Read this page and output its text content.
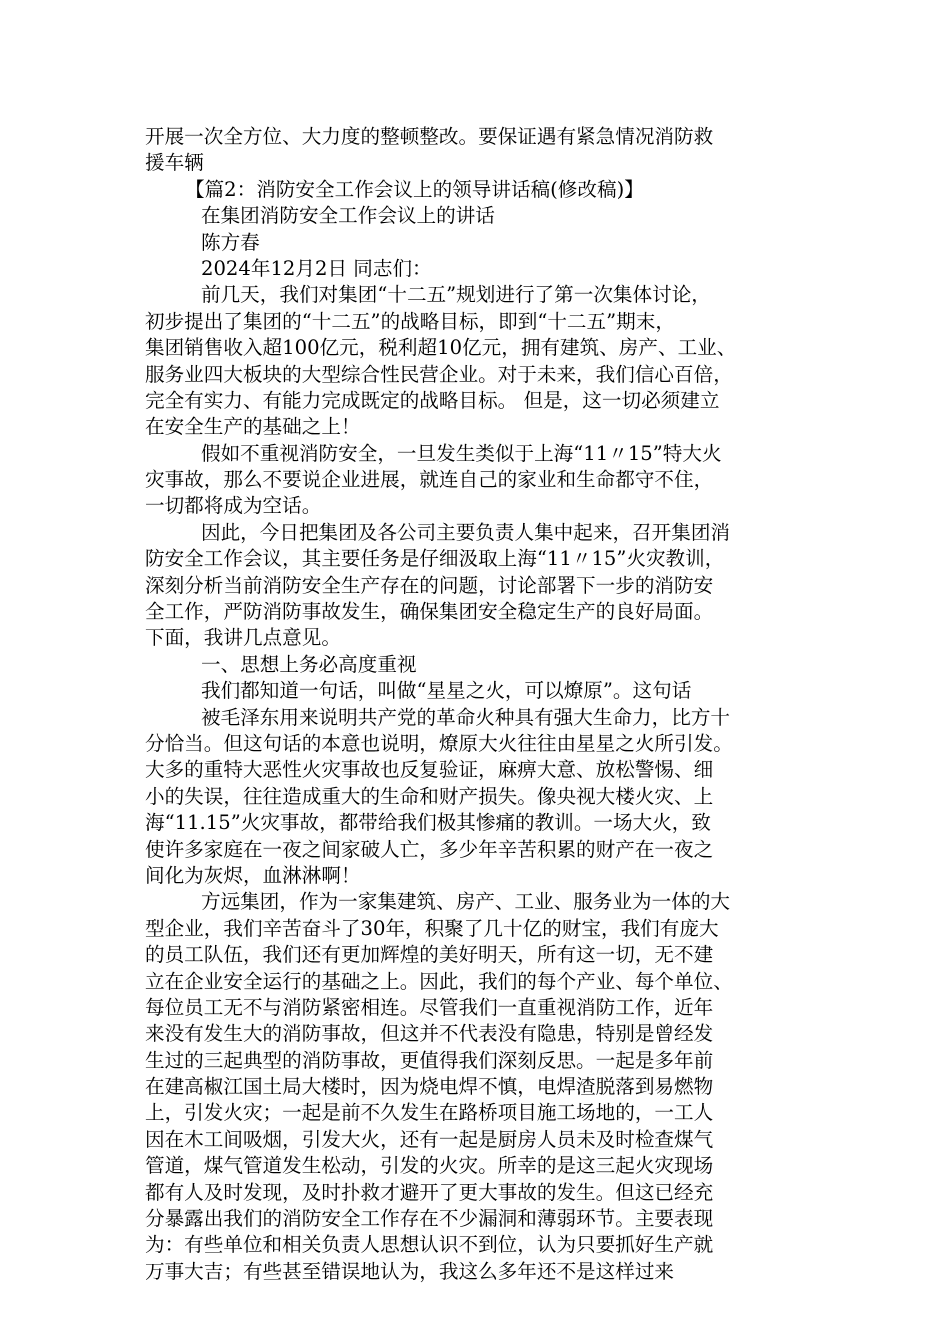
开展一次全方位、大力度的整顿整改。要保证遇有紧急情况消防救
援车辆
【篇2：消防安全工作会议上的领导讲话稿(修改稿)】
在集团消防安全工作会议上的讲话
陈方春
2024年12月2日 同志们：
前几天，我们对集团“十二五”规划进行了第一次集体讨论，
初步提出了集团的“十二五”的战略目标，即到“十二五”期末，
集团销售收入超100亿元，税利超10亿元，拥有建筑、房产、工业、
服务业四大板块的大型综合性民营企业。对于未来，我们信心百倍，
完全有实力、有能力完成既定的战略目标。 但是，这一切必须建立
在安全生产的基础之上！
假如不重视消防安全，一旦发生类似于上海“11〃15”特大火
灾事故，那么不要说企业进展，就连自己的家业和生命都守不住，
一切都将成为空话。
因此，今日把集团及各公司主要负责人集中起来，召开集团消
防安全工作会议，其主要任务是仔细汲取上海“11〃15”火灾教训，
深刻分析当前消防安全生产存在的问题，讨论部署下一步的消防安
全工作，严防消防事故发生，确保集团安全稳定生产的良好局面。
下面，我讲几点意见。
一、思想上务必高度重视
我们都知道一句话，叫做“星星之火，可以燎原”。这句话
被毛泽东用来说明共产党的革命火种具有强大生命力，比方十
分恰当。但这句话的本意也说明，燎原大火往往由星星之火所引发。
大多的重特大恶性火灾事故也反复验证，麻痹大意、放松警惕、细
小的失误，往往造成重大的生命和财产损失。像央视大楼火灾、上
海“11.15”火灾事故，都带给我们极其惨痛的教训。一场大火，致
使许多家庭在一夜之间家破人亡，多少年辛苦积累的财产在一夜之
间化为灰烬，血淋淋啊！
方远集团，作为一家集建筑、房产、工业、服务业为一体的大
型企业，我们辛苦奋斗了30年，积聚了几十亿的财宝，我们有庞大
的员工队伍，我们还有更加辉煌的美好明天，所有这一切，无不建
立在企业安全运行的基础之上。因此，我们的每个产业、每个单位、
每位员工无不与消防紧密相连。尽管我们一直重视消防工作，近年
来没有发生大的消防事故，但这并不代表没有隐患，特别是曾经发
生过的三起典型的消防事故，更值得我们深刻反思。一起是多年前
在建高椒江国土局大楼时，因为烧电焊不慎，电焊渣脱落到易燃物
上，引发火灾；一起是前不久发生在路桥项目施工场地的，一工人
因在木工间吸烟，引发大火，还有一起是厨房人员未及时检查煤气
管道，煤气管道发生松动，引发的火灾。所幸的是这三起火灾现场
都有人及时发现，及时扑救才避开了更大事故的发生。但这已经充
分暴露出我们的消防安全工作存在不少漏洞和薄弱环节。主要表现
为：有些单位和相关负责人思想认识不到位，认为只要抓好生产就
万事大吉；有些甚至错误地认为，我这么多年还不是这样过来
